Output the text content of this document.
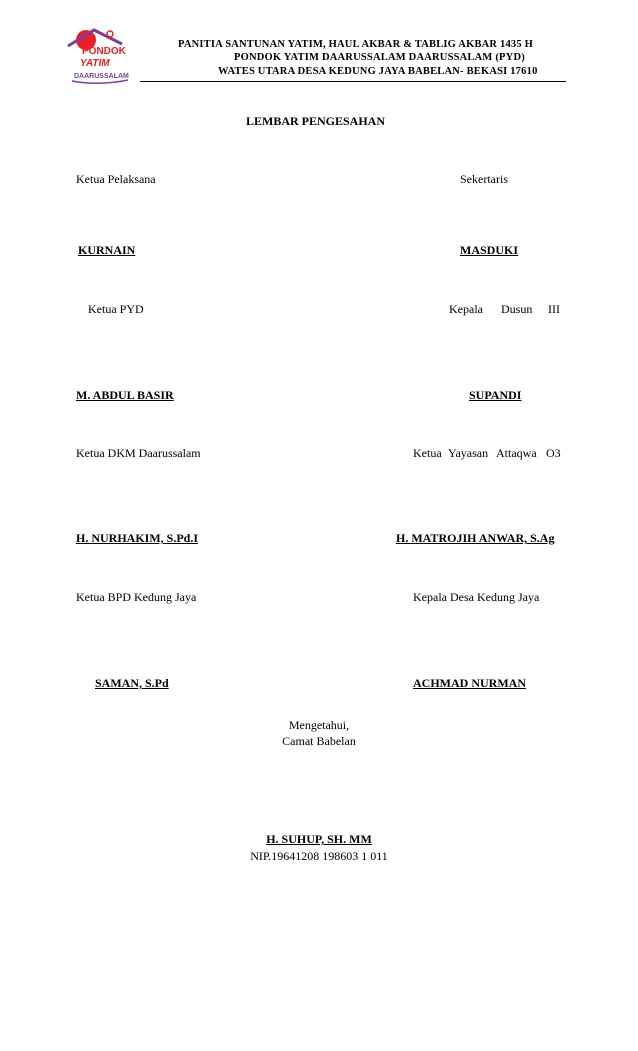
PONDOK
YATIM
DAARUSSALAM
PANITIA SANTUNAN YATIM, HAUL AKBAR & TABLIG AKBAR 1435 H
PONDOK YATIM DAARUSSALAM DAARUSSALAM (PYD)
WATES UTARA DESA KEDUNG JAYA BABELAN- BEKASI 17610
LEMBAR PENGESAHAN
Ketua Pelaksana	Sekertaris
KURNAIN	MASDUKI
Ketua PYD	Kepala Dusun III
M. ABDUL BASIR	SUPANDI
Ketua DKM Daarussalam	Ketua Yayasan Attaqwa O3
H. NURHAKIM, S.Pd.I	H. MATROJIH ANWAR, S.Ag
Ketua BPD Kedung Jaya	Kepala Desa Kedung Jaya
SAMAN, S.Pd	ACHMAD NURMAN
Mengetahui,
Camat Babelan
H. SUHUP, SH. MM
NIP.19641208 198603 1 011
